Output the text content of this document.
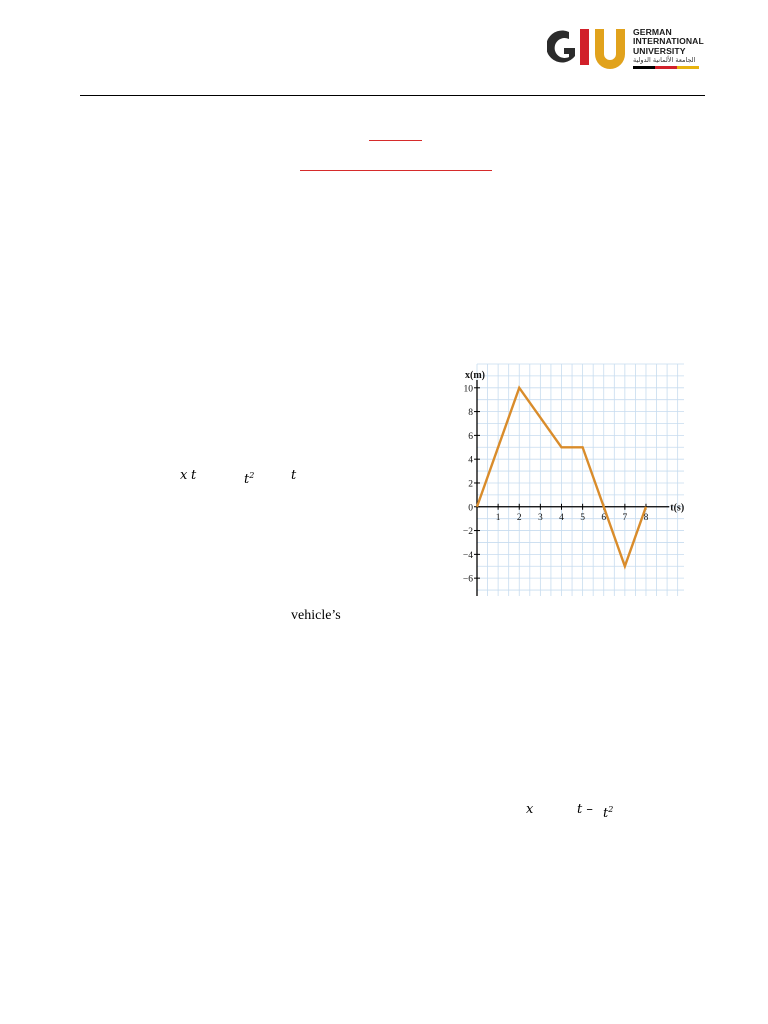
GERMAN
INTERNATIONAL
UNIVERSITY
الجامعة الألمانية الدولية
x t	$t^2$	t
vehicle’s
x	t – $t^2$
1 2 3 4 5 6 7 8
10
8
6
4
2
0
−2
−4
−6
x(m)
t(s)
